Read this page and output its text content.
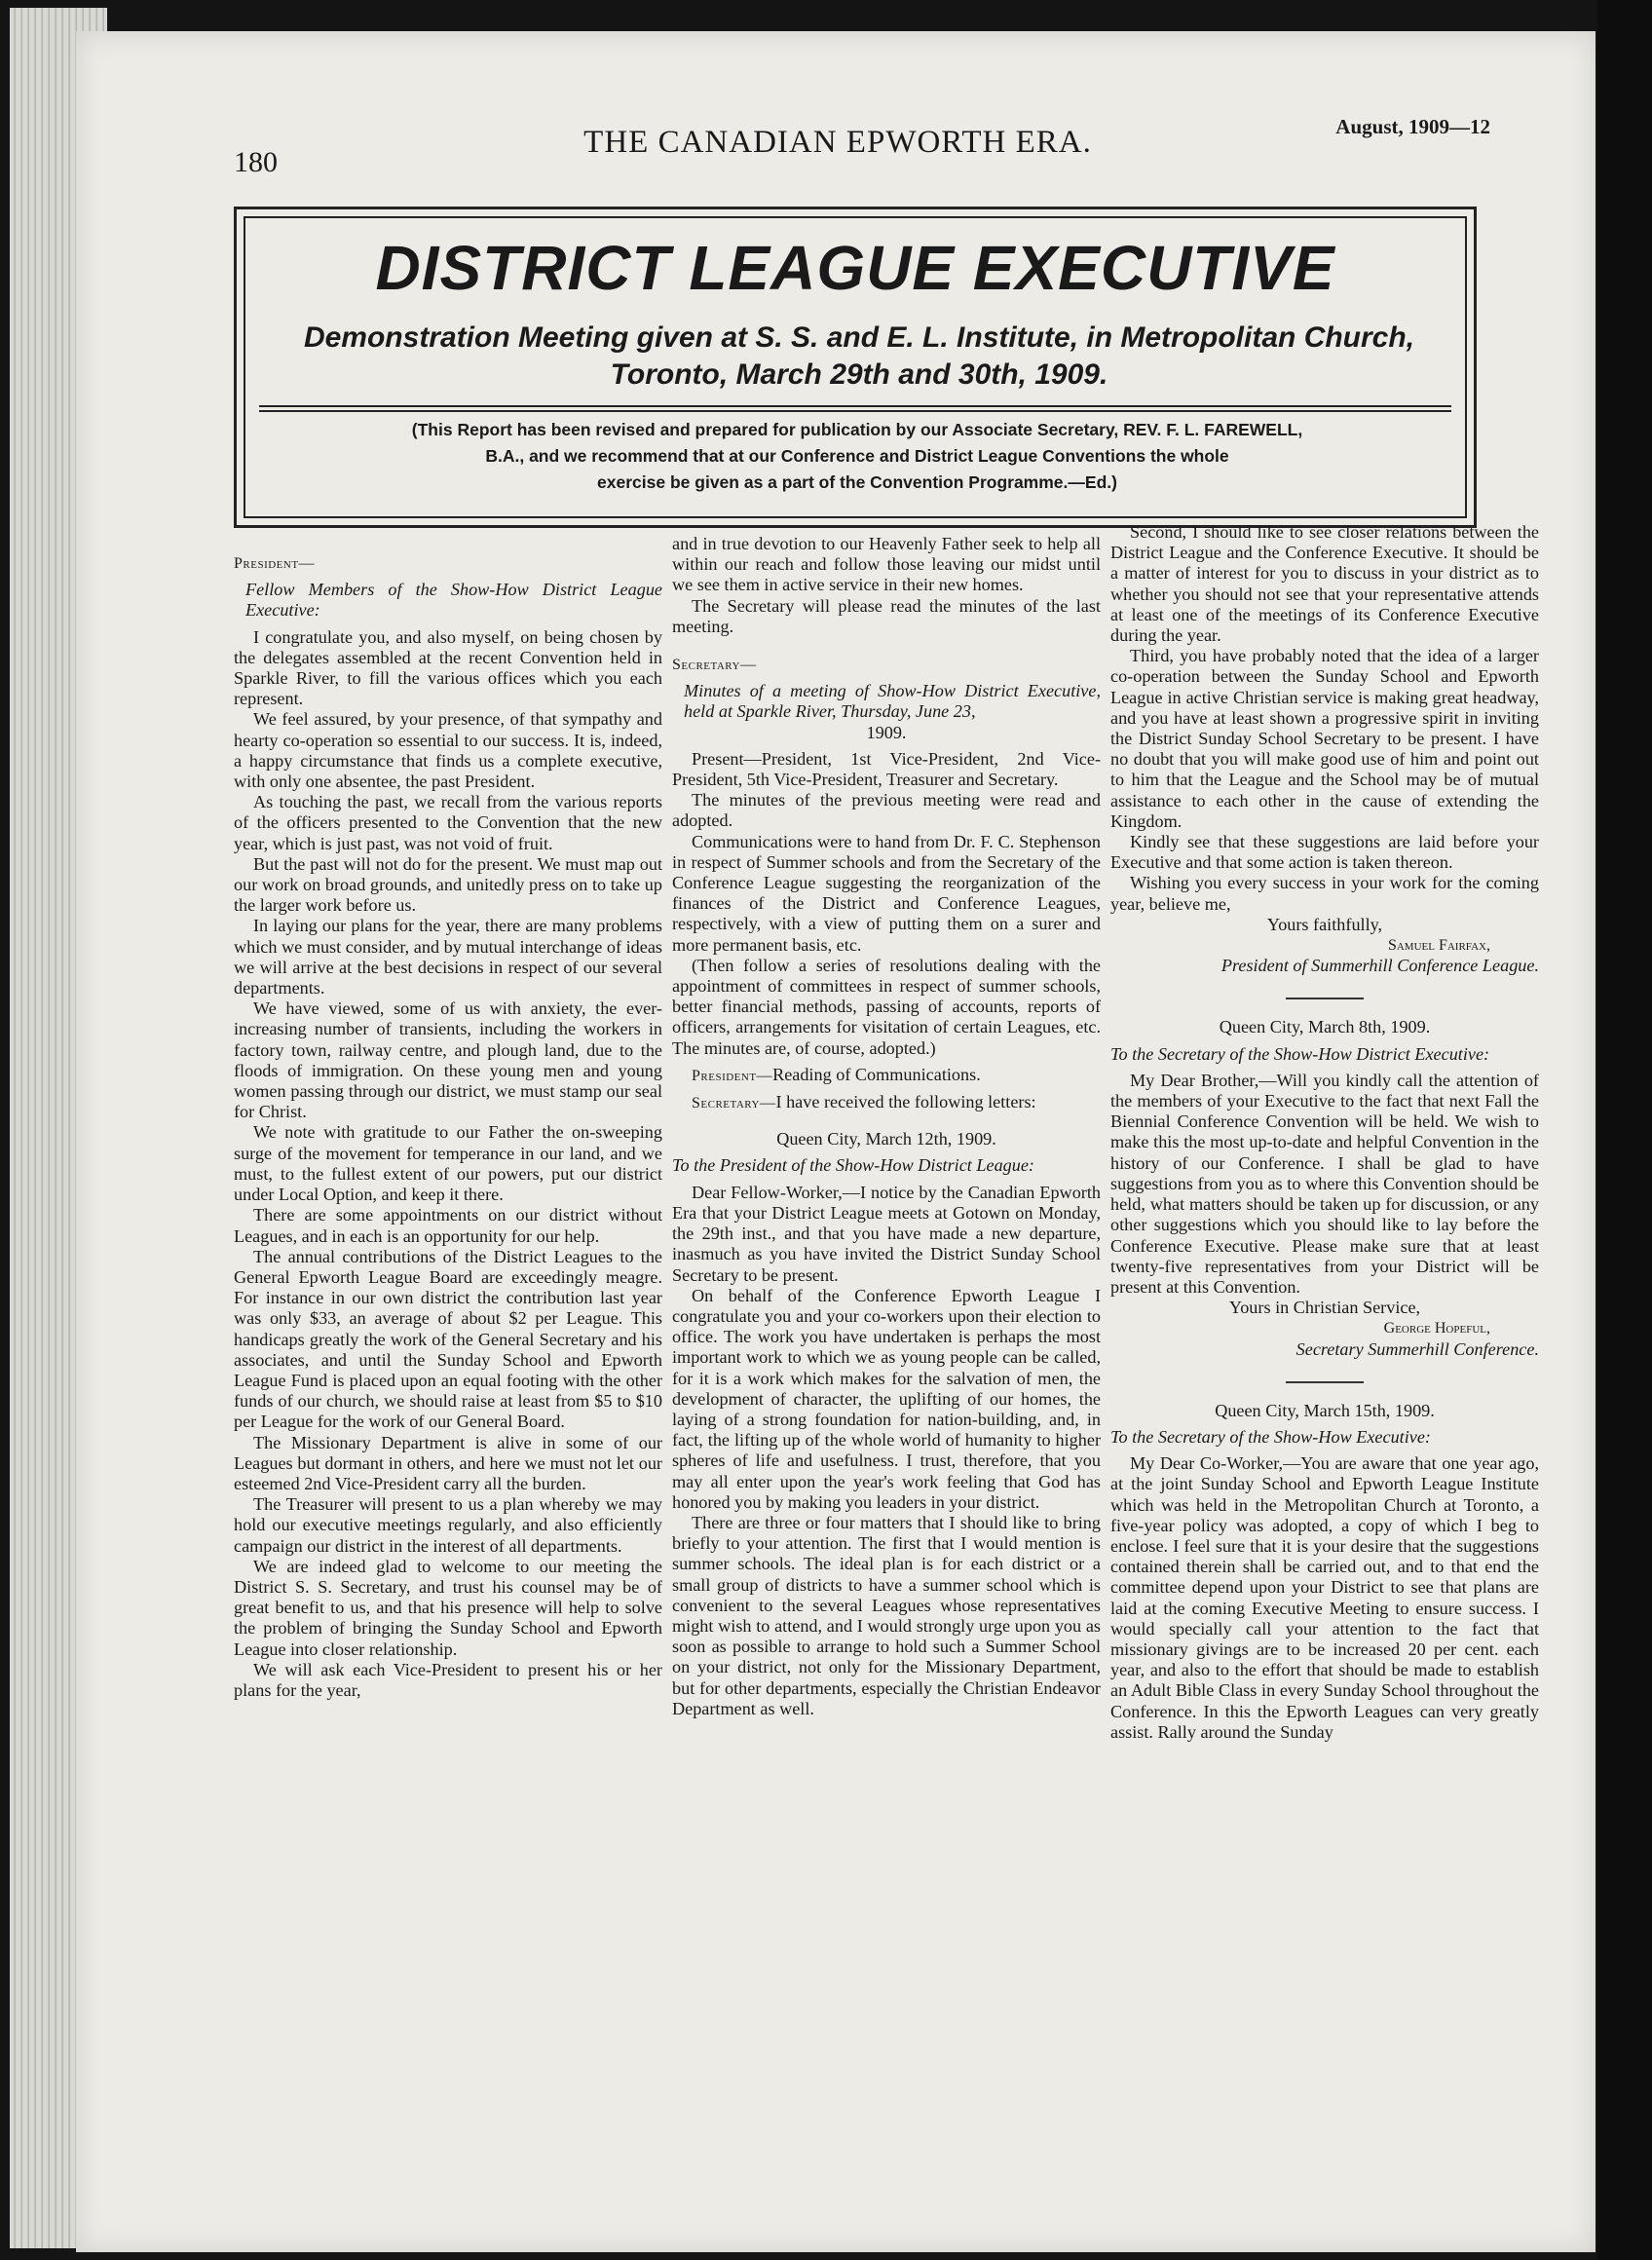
180
THE CANADIAN EPWORTH ERA.	August, 1909—12
DISTRICT LEAGUE EXECUTIVE
Demonstration Meeting given at S. S. and E. L. Institute, in Metropolitan Church,
Toronto, March 29th and 30th, 1909.
(This Report has been revised and prepared for publication by our Associate Secretary, REV. F. L. FAREWELL,
B.A., and we recommend that at our Conference and District League Conventions the whole
exercise be given as a part of the Convention Programme.—Ed.)
President—

Fellow Members of the Show-How District League Executive:

I congratulate you, and also myself, on being chosen by the delegates assembled at the recent Convention held in Sparkle River, to fill the various offices which you each represent.

We feel assured, by your presence, of that sympathy and hearty co-operation so essential to our success. It is, indeed, a happy circumstance that finds us a complete executive, with only one absentee, the past President.

As touching the past, we recall from the various reports of the officers presented to the Convention that the new year, which is just past, was not void of fruit.

But the past will not do for the present. We must map out our work on broad grounds, and unitedly press on to take up the larger work before us.

In laying our plans for the year, there are many problems which we must consider, and by mutual interchange of ideas we will arrive at the best decisions in respect of our several departments.

We have viewed, some of us with anxiety, the ever-increasing number of transients, including the workers in factory town, railway centre, and plough land, due to the floods of immigration. On these young men and young women passing through our district, we must stamp our seal for Christ.

We note with gratitude to our Father the on-sweeping surge of the movement for temperance in our land, and we must, to the fullest extent of our powers, put our district under Local Option, and keep it there.

There are some appointments on our district without Leagues, and in each is an opportunity for our help.

The annual contributions of the District Leagues to the General Epworth League Board are exceedingly meagre. For instance in our own district the contribution last year was only $33, an average of about $2 per League. This handicaps greatly the work of the General Secretary and his associates, and until the Sunday School and Epworth League Fund is placed upon an equal footing with the other funds of our church, we should raise at least from $5 to $10 per League for the work of our General Board.

The Missionary Department is alive in some of our Leagues but dormant in others, and here we must not let our esteemed 2nd Vice-President carry all the burden.

The Treasurer will present to us a plan whereby we may hold our executive meetings regularly, and also efficiently campaign our district in the interest of all departments.

We are indeed glad to welcome to our meeting the District S. S. Secretary, and trust his counsel may be of great benefit to us, and that his presence will help to solve the problem of bringing the Sunday School and Epworth League into closer relationship.

We will ask each Vice-President to present his or her plans for the year,

and in true devotion to our Heavenly Father seek to help all within our reach and follow those leaving our midst until we see them in active service in their new homes.

The Secretary will please read the minutes of the last meeting.

Secretary—

Minutes of a meeting of Show-How District Executive, held at Sparkle River, Thursday, June 23,

1909.

Present—President, 1st Vice-President, 2nd Vice-President, 5th Vice-President, Treasurer and Secretary.

The minutes of the previous meeting were read and adopted.

Communications were to hand from Dr. F. C. Stephenson in respect of Summer schools and from the Secretary of the Conference League suggesting the reorganization of the finances of the District and Conference Leagues, respectively, with a view of putting them on a surer and more permanent basis, etc.

(Then follow a series of resolutions dealing with the appointment of committees in respect of summer schools, better financial methods, passing of accounts, reports of officers, arrangements for visitation of certain Leagues, etc. The minutes are, of course, adopted.)

President—Reading of Communications.

Secretary—I have received the following letters:

Queen City, March 12th, 1909.

To the President of the Show-How District League:

Dear Fellow-Worker,—I notice by the Canadian Epworth Era that your District League meets at Gotown on Monday, the 29th inst., and that you have made a new departure, inasmuch as you have invited the District Sunday School Secretary to be present.

On behalf of the Conference Epworth League I congratulate you and your co-workers upon their election to office. The work you have undertaken is perhaps the most important work to which we as young people can be called, for it is a work which makes for the salvation of men, the development of character, the uplifting of our homes, the laying of a strong foundation for nation-building, and, in fact, the lifting up of the whole world of humanity to higher spheres of life and usefulness. I trust, therefore, that you may all enter upon the year's work feeling that God has honored you by making you leaders in your district.

There are three or four matters that I should like to bring briefly to your attention. The first that I would mention is summer schools. The ideal plan is for each district or a small group of districts to have a summer school which is convenient to the several Leagues whose representatives might wish to attend, and I would strongly urge upon you as soon as possible to arrange to hold such a Summer School on your district, not only for the Missionary Department, but for other departments, especially the Christian Endeavor Department as well.

Second, I should like to see closer relations between the District League and the Conference Executive. It should be a matter of interest for you to discuss in your district as to whether you should not see that your representative attends at least one of the meetings of its Conference Executive during the year.

Third, you have probably noted that the idea of a larger co-operation between the Sunday School and Epworth League in active Christian service is making great headway, and you have at least shown a progressive spirit in inviting the District Sunday School Secretary to be present. I have no doubt that you will make good use of him and point out to him that the League and the School may be of mutual assistance to each other in the cause of extending the Kingdom.

Kindly see that these suggestions are laid before your Executive and that some action is taken thereon.

Wishing you every success in your work for the coming year, believe me,

Yours faithfully,

Samuel Fairfax,

President of Summerhill Conference League.

Queen City, March 8th, 1909.

To the Secretary of the Show-How District Executive:

My Dear Brother,—Will you kindly call the attention of the members of your Executive to the fact that next Fall the Biennial Conference Convention will be held. We wish to make this the most up-to-date and helpful Convention in the history of our Conference. I shall be glad to have suggestions from you as to where this Convention should be held, what matters should be taken up for discussion, or any other suggestions which you should like to lay before the Conference Executive. Please make sure that at least twenty-five representatives from your District will be present at this Convention.

Yours in Christian Service,

George Hopeful,

Secretary Summerhill Conference.

Queen City, March 15th, 1909.

To the Secretary of the Show-How Executive:

My Dear Co-Worker,—You are aware that one year ago, at the joint Sunday School and Epworth League Institute which was held in the Metropolitan Church at Toronto, a five-year policy was adopted, a copy of which I beg to enclose. I feel sure that it is your desire that the suggestions contained therein shall be carried out, and to that end the committee depend upon your District to see that plans are laid at the coming Executive Meeting to ensure success. I would specially call your attention to the fact that missionary givings are to be increased 20 per cent. each year, and also to the effort that should be made to establish an Adult Bible Class in every Sunday School throughout the Conference. In this the Epworth Leagues can very greatly assist. Rally around the Sunday
